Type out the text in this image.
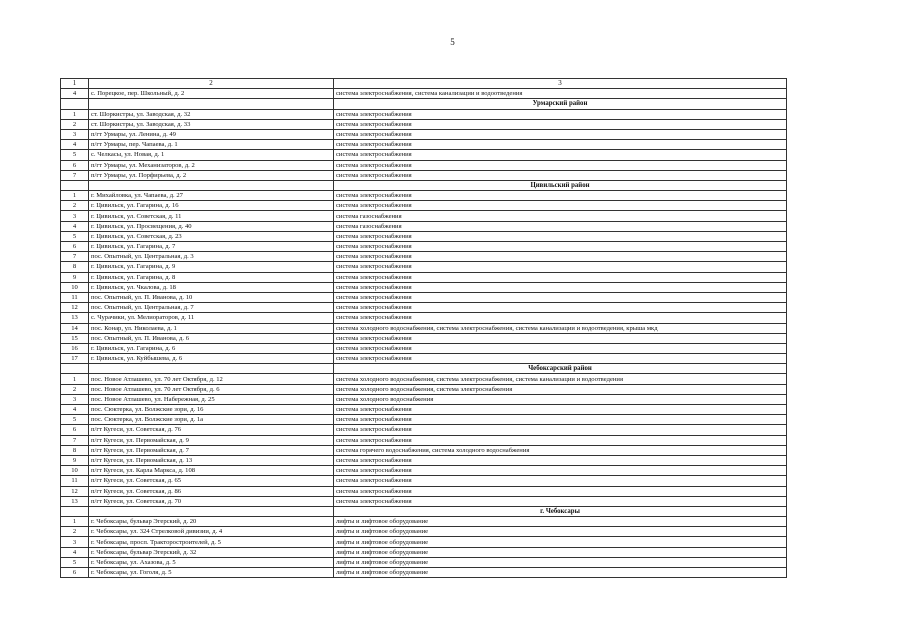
5
1	2	3
4	с. Порецкое, пер. Школьный, д. 2	система электроснабжения, система канализации и водоотведения
		Урмарский район
1	ст. Шоркистры, ул. Заводская, д. 32	система электроснабжения
2	ст. Шоркистры, ул. Заводская, д. 33	система электроснабжения
3	п/гт Урмары, ул. Ленина, д. 49	система электроснабжения
4	п/гт Урмары, пер. Чапаева, д. 1	система электроснабжения
5	с. Челкасы, ул. Новая, д. 1	система электроснабжения
6	п/гт Урмары, ул. Механизаторов, д. 2	система электроснабжения
7	п/гт Урмары, ул. Порфирьева, д. 2	система электроснабжения
		Цивильский район
1	г. Михайловка, ул. Чапаева, д. 27	система электроснабжения
2	г. Цивильск, ул. Гагарина, д. 16	система электроснабжения
3	г. Цивильск, ул. Советская, д. 11	система газоснабжения
4	г. Цивильск, ул. Просвещения, д. 40	система газоснабжения
5	г. Цивильск, ул. Советская, д. 23	система электроснабжения
6	г. Цивильск, ул. Гагарина, д. 7	система электроснабжения
7	пос. Опытный, ул. Центральная, д. 3	система электроснабжения
8	г. Цивильск, ул. Гагарина, д. 9	система электроснабжения
9	г. Цивильск, ул. Гагарина, д. 8	система электроснабжения
10	г. Цивильск, ул. Чкалова, д. 18	система электроснабжения
11	пос. Опытный, ул. П. Иванова, д. 10	система электроснабжения
12	пос. Опытный, ул. Центральная, д. 7	система электроснабжения
13	с. Чурачики, ул. Мелиораторов, д. 11	система электроснабжения
14	пос. Конар, ул. Николаева, д. 1	система холодного водоснабжения, система электроснабжения, система канализации и водоотведения, крыша мкд
15	пос. Опытный, ул. П. Иванова, д. 6	система электроснабжения
16	г. Цивильск, ул. Гагарина, д. 6	система электроснабжения
17	г. Цивильск, ул. Куйбышева, д. 6	система электроснабжения
		Чебоксарский район
1	пос. Новое Атлашево, ул. 70 лет Октября, д. 12	система холодного водоснабжения, система электроснабжения, система канализации и водоотведения
2	пос. Новое Атлашево, ул. 70 лет Октября, д. 6	система холодного водоснабжения, система электроснабжения
3	пос. Новое Атлашево, ул. Набережная, д. 25	система холодного водоснабжения
4	пос. Сюктерка, ул. Волжские зори, д. 16	система электроснабжения
5	пос. Сюктерка, ул. Волжские зори, д. 1а	система электроснабжения
6	п/гт Кугеси, ул. Советская, д. 76	система электроснабжения
7	п/гт Кугеси, ул. Первомайская, д. 9	система электроснабжения
8	п/гт Кугеси, ул. Первомайская, д. 7	система горячего водоснабжения, система холодного водоснабжения
9	п/гт Кугеси, ул. Первомайская, д. 13	система электроснабжения
10	п/гт Кугеси, ул. Карла Маркса, д. 108	система электроснабжения
11	п/гт Кугеси, ул. Советская, д. 65	система электроснабжения
12	п/гт Кугеси, ул. Советская, д. 86	система электроснабжения
13	п/гт Кугеси, ул. Советская, д. 70	система электроснабжения
		г. Чебоксары
1	г. Чебоксары, бульвар Эгерский, д. 20	лифты и лифтовое оборудование
2	г. Чебоксары, ул. 324 Стрелковой дивизии, д. 4	лифты и лифтовое оборудование
3	г. Чебоксары, просп. Тракторостроителей, д. 5	лифты и лифтовое оборудование
4	г. Чебоксары, бульвар Эгерский, д. 32	лифты и лифтовое оборудование
5	г. Чебоксары, ул. Ахазова, д. 5	лифты и лифтовое оборудование
6	г. Чебоксары, ул. Гоголя, д. 5	лифты и лифтовое оборудование
